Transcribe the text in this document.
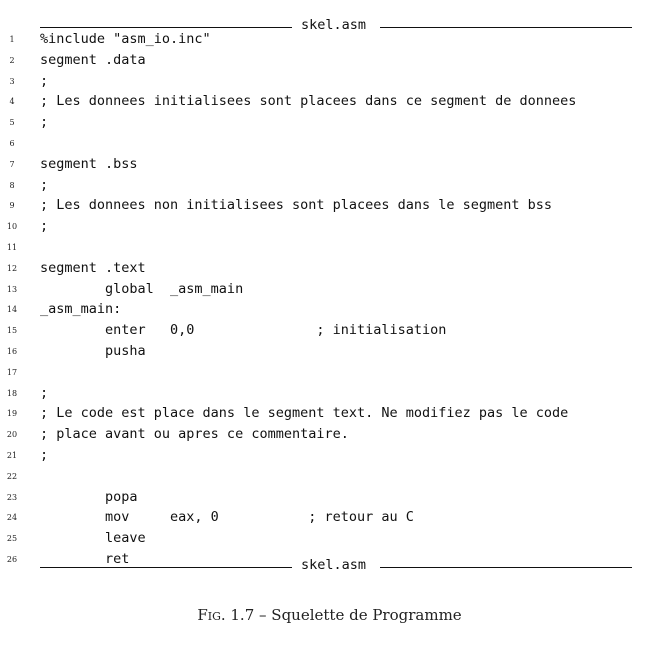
skel.asm
1	%include "asm_io.inc"
2	segment .data
3	;
4	; Les donnees initialisees sont placees dans ce segment de donnees
5	;
6
7	segment .bss
8	;
9	; Les donnees non initialisees sont placees dans le segment bss
10	;
11
12	segment .text
13	global  _asm_main
14	_asm_main:
15	enter   0,0               ; initialisation
16	pusha
17
18	;
19	; Le code est place dans le segment text. Ne modifiez pas le code
20	; place avant ou apres ce commentaire.
21	;
22
23	popa
24	mov     eax, 0           ; retour au C
25	leave
26	ret	skel.asm
Fig. 1.7 – Squelette de Programme
